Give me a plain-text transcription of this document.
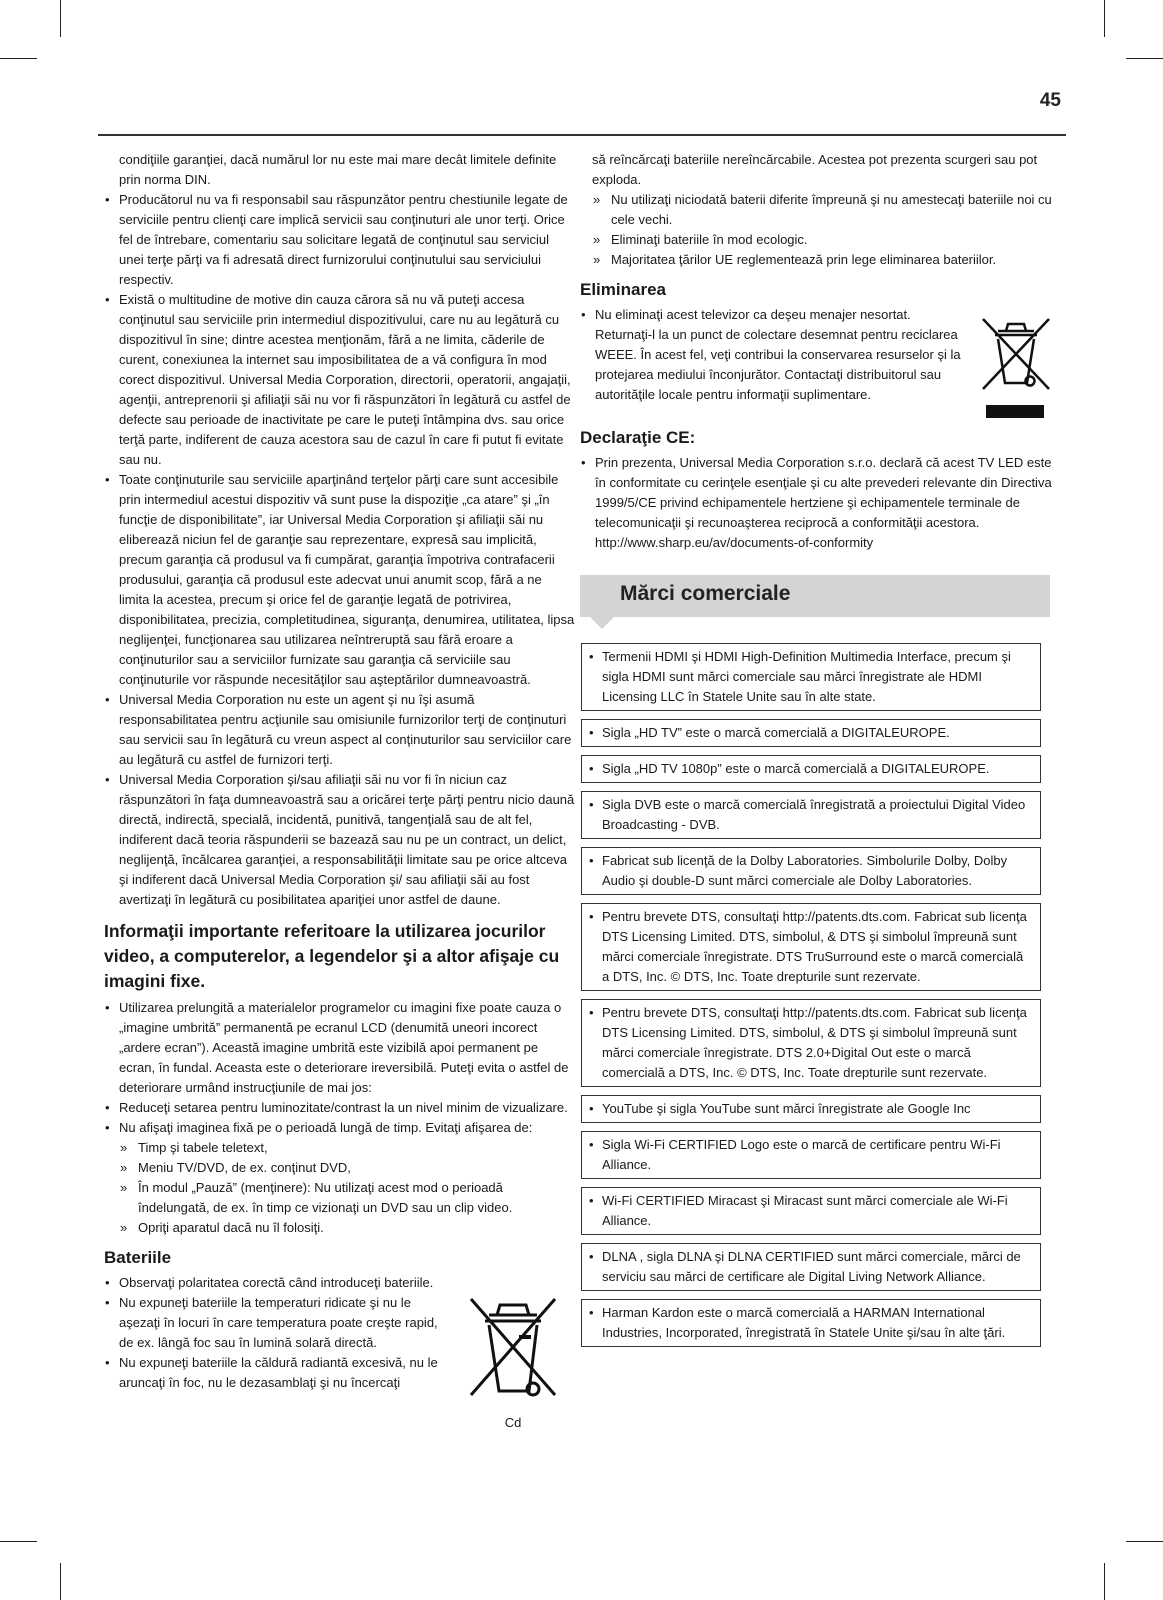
45

condiţiile garanţiei, dacă numărul lor nu este mai mare decât limitele definite prin norma DIN.

• Producătorul nu va fi responsabil sau răspunzător pentru chestiunile legate de serviciile pentru clienţi care implică servicii sau conţinuturi ale unor terţi. Orice fel de întrebare, comentariu sau solicitare legată de conţinutul sau serviciul unei terţe părţi va fi adresată direct furnizorului conţinutului sau serviciului respectiv.
• Există o multitudine de motive din cauza cărora să nu vă puteţi accesa conţinutul sau serviciile prin intermediul dispozitivului, care nu au legătură cu dispozitivul în sine; dintre acestea menţionăm, fără a ne limita, căderile de curent, conexiunea la internet sau imposibilitatea de a vă configura în mod corect dispozitivul. Universal Media Corporation, directorii, operatorii, angajaţii, agenţii, antreprenorii şi afiliaţii săi nu vor fi răspunzători în legătură cu astfel de defecte sau perioade de inactivitate pe care le puteţi întâmpina dvs. sau orice terţă parte, indiferent de cauza acestora sau de cazul în care fi putut fi evitate sau nu.
• Toate conţinuturile sau serviciile aparţinând terţelor părţi care sunt accesibile prin intermediul acestui dispozitiv vă sunt puse la dispoziţie „ca atare” şi „în funcţie de disponibilitate”, iar Universal Media Corporation şi afiliaţii săi nu elibereazǎ niciun fel de garanţie sau reprezentare, expresă sau implicită, precum garanţia că produsul va fi cumpărat, garanţia împotriva contrafacerii produsului, garanţia că produsul este adecvat unui anumit scop, fără a ne limita la acestea, precum şi orice fel de garanţie legată de potrivirea, disponibilitatea, precizia, completitudinea, siguranţa, denumirea, utilitatea, lipsa neglijenţei, funcţionarea sau utilizarea neîntreruptă sau fără eroare a conţinuturilor sau a serviciilor furnizate sau garanţia că serviciile sau conţinuturile vor răspunde necesităţilor sau aşteptărilor dumneavoastră.
• Universal Media Corporation nu este un agent şi nu îşi asumă responsabilitatea pentru acţiunile sau omisiunile furnizorilor terţi de conţinuturi sau servicii sau în legătură cu vreun aspect al conţinuturilor sau serviciilor care au legătură cu astfel de furnizori terţi.
• Universal Media Corporation şi/sau afiliaţii săi nu vor fi în niciun caz răspunzători în faţa dumneavoastră sau a oricărei terţe părţi pentru nicio daună directă, indirectă, specială, incidentă, punitivă, tangenţială sau de alt fel, indiferent dacă teoria răspunderii se bazează sau nu pe un contract, un delict, neglijenţă, încălcarea garanţiei, a responsabilităţii limitate sau pe orice altceva şi indiferent dacă Universal Media Corporation şi/ sau afiliaţii săi au fost avertizaţi în legătură cu posibilitatea apariţiei unor astfel de daune.
Informaţii importante referitoare la utilizarea jocurilor video, a computerelor, a legendelor şi a altor afişaje cu imagini fixe.
• Utilizarea prelungită a materialelor programelor cu imagini fixe poate cauza o „imagine umbrită” permanentă pe ecranul LCD (denumită uneori incorect „ardere ecran”). Această imagine umbrită este vizibilă apoi permanent pe ecran, în fundal. Aceasta este o deteriorare ireversibilă. Puteţi evita o astfel de deteriorare urmând instrucţiunile de mai jos:
• Reduceţi setarea pentru luminozitate/contrast la un nivel minim de vizualizare.
• Nu afişaţi imaginea fixă pe o perioadă lungă de timp. Evitaţi afişarea de:
» Timp şi tabele teletext,
» Meniu TV/DVD, de ex. conţinut DVD,
» În modul „Pauză” (menţinere): Nu utilizaţi acest mod o perioadă îndelungată, de ex. în timp ce vizionaţi un DVD sau un clip video.
» Opriţi aparatul dacă nu îl folosiţi.
Bateriile
• Observaţi polaritatea corectă când introduceţi bateriile.
• Nu expuneţi bateriile la temperaturi ridicate şi nu le aşezaţi în locuri în care temperatura poate creşte rapid, de ex. lângă foc sau în lumină solară directă.
• Nu expuneţi bateriile la căldură radiantă excesivă, nu le aruncaţi în foc, nu le dezasamblaţi şi nu încercaţi
Cd

să reîncărcaţi bateriile nereîncărcabile. Acestea pot prezenta scurgeri sau pot exploda.

» Nu utilizaţi niciodată baterii diferite împreună şi nu amestecaţi bateriile noi cu cele vechi.
» Eliminaţi bateriile în mod ecologic.
» Majoritatea ţărilor UE reglementează prin lege eliminarea bateriilor.
Eliminarea
• Nu eliminaţi acest televizor ca deşeu menajer nesortat. Returnaţi-l la un punct de colectare desemnat pentru reciclarea WEEE. În acest fel, veţi contribui la conservarea resurselor şi la protejarea mediului înconjurător. Contactaţi distribuitorul sau autorităţile locale pentru informaţii suplimentare.
Declaraţie CE:
• Prin prezenta, Universal Media Corporation s.r.o. declară că acest TV LED este în conformitate cu cerinţele esenţiale şi cu alte prevederi relevante din Directiva 1999/5/CE privind echipamentele hertziene şi echipamentele terminale de telecomunicaţii şi recunoaşterea reciprocă a conformităţii acestora. http://www.sharp.eu/av/documents-of-conformity
Mărci comerciale
• Termenii HDMI şi HDMI High-Definition Multimedia Interface, precum şi sigla HDMI sunt mărci comerciale sau mărci înregistrate ale HDMI Licensing LLC în Statele Unite sau în alte state.
• Sigla „HD TV” este o marcă comercială a DIGITALEUROPE.
• Sigla „HD TV 1080p” este o marcă comercială a DIGITALEUROPE.
• Sigla DVB este o marcă comercială înregistrată a proiectului Digital Video Broadcasting - DVB.
• Fabricat sub licenţă de la Dolby Laboratories. Simbolurile Dolby, Dolby Audio şi double-D sunt mărci comerciale ale Dolby Laboratories.
• Pentru brevete DTS, consultaţi http://patents.dts.com. Fabricat sub licenţa DTS Licensing Limited. DTS, simbolul, & DTS şi simbolul împreună sunt mărci comerciale înregistrate. DTS TruSurround este o marcă comercială a DTS, Inc. © DTS, Inc. Toate drepturile sunt rezervate.
• Pentru brevete DTS, consultaţi http://patents.dts.com. Fabricat sub licenţa DTS Licensing Limited. DTS, simbolul, & DTS şi simbolul împreună sunt mărci comerciale înregistrate. DTS 2.0+Digital Out este o marcă comercială a DTS, Inc. © DTS, Inc. Toate drepturile sunt rezervate.
• YouTube şi sigla YouTube sunt mărci înregistrate ale Google Inc
• Sigla Wi-Fi CERTIFIED Logo este o marcă de certificare pentru Wi-Fi Alliance.
• Wi-Fi CERTIFIED Miracast şi Miracast sunt mărci comerciale ale Wi-Fi Alliance.
• DLNA , sigla DLNA şi DLNA CERTIFIED sunt mărci comerciale, mărci de serviciu sau mărci de certificare ale Digital Living Network Alliance.
• Harman Kardon este o marcă comercială a HARMAN International Industries, Incorporated, înregistrată în Statele Unite şi/sau în alte ţări.
